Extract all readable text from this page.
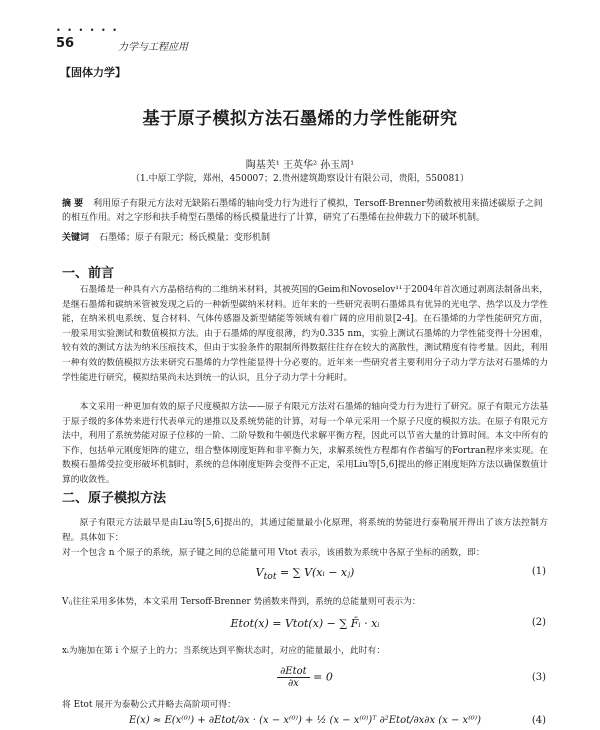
• • • • • •
56	力学与工程应用
【固体力学】
基于原子模拟方法石墨烯的力学性能研究
陶基芙¹ 王英华² 孙玉周¹
（1.中原工学院，郑州，450007；2.贵州建筑勘察设计有限公司，贵阳，550081）
摘 要 利用原子有限元方法对无缺陷石墨烯的轴向受力行为进行了模拟，Tersoff-Brenner势函数被用来描述碳原子之间的相互作用。对之字形和扶手椅型石墨烯的杨氏模量进行了计算，研究了石墨烯在拉伸载力下的破坏机制。
关键词 石墨烯；原子有限元；杨氏模量；变形机制
一、前言
石墨烯是一种具有六方晶格结构的二维纳米材料，其被英国的Geim和Novoselov¹¹于2004年首次通过剥离法制备出来，是继石墨烯和碳纳米管被发现之后的一种新型碳纳米材料。近年来的一些研究表明石墨烯具有优异的光电学、热学以及力学性能，在纳米机电系统、复合材料、气体传感器及新型储能等领域有着广阔的应用前景[2-4]。在石墨烯的力学性能研究方面，一般采用实验测试和数值模拟方法。由于石墨烯的厚度很薄，约为0.335 nm，实验上测试石墨烯的力学性能变得十分困难，较有效的测试方法为纳米压痕技术，但由于实验条件的限制所得数据往往存在较大的离散性，测试精度有待考量。因此，利用一种有效的数值模拟方法来研究石墨烯的力学性能显得十分必要的。近年来一些研究者主要利用分子动力学方法对石墨烯的力学性能进行研究，模拟结果尚未达到统一的认识，且分子动力学十分耗时。
本文采用一种更加有效的原子尺度模拟方法——原子有限元方法对石墨烯的轴向受力行为进行了研究。原子有限元方法基于原子级的多体势来进行代表单元的递推以及系统势能的计算，对每一个单元采用一个原子尺度的模拟方法。在原子有限元方法中，利用了系统势能对原子位移的一阶、二阶导数和牛顿迭代求解平衡方程，因此可以节省大量的计算时间。本文中所有的下作，包括单元刚度矩阵的建立，组合整体刚度矩阵和非平衡力矢，求解系统性方程都有作者编写的Fortran程序来实现。在数模石墨烯受拉变形破坏机制时，系统的总体刚度矩阵会变得不正定，采用Liu等[5,6]提出的修正刚度矩阵方法以确保数值计算的收敛性。
二、原子模拟方法
原子有限元方法最早是由Liu等[5,6]提出的，其通过能量最小化原理，将系统的势能进行泰勒展开得出了该方法控制方程。具体如下：
对一个包含 n 个原子的系统，原子键之间的总能量可用 Vtot 表示，该函数为系统中各原子坐标的函数，即：
$V_{tot}$ = ∑ V(xᵢ − xⱼ)	(1)
Vᵢⱼ往往采用多体势，本文采用 Tersoff-Brenner 势函数来得到，系统的总能量则可表示为：
Etot(x) = Vtot(x) − ∑ F̄ᵢ · xᵢ	(2)
xᵢ为施加在第 i 个原子上的力；当系统达到平衡状态时，对应的能量最小，此时有：
$\frac{\text{∂Etot}}{\partial x} = 0$	(3)
将 Etot 展开为泰勒公式并略去高阶项可得：
E(x) ≈ E(x⁽⁰⁾) + ∂Etot/∂x · (x − x⁽⁰⁾) + ½ (x − x⁽⁰⁾)ᵀ ∂²Etot/∂x∂x (x − x⁽⁰⁾)	(4)
